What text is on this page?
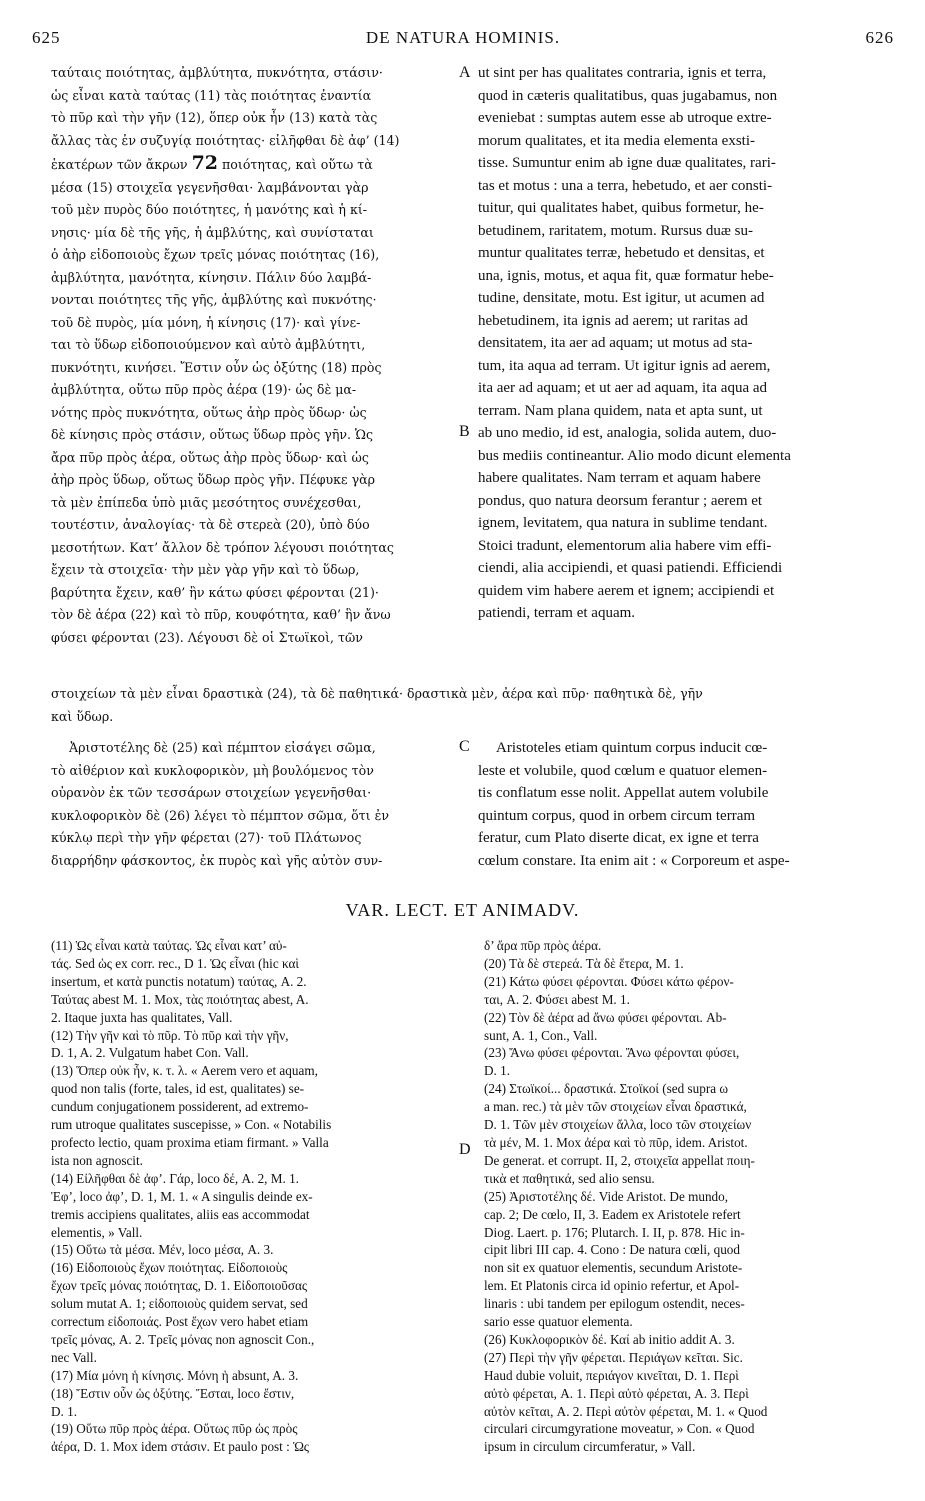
625	DE NATURA HOMINIS.	626
A
B
C
D
ταύταις ποιότητας, ἀμβλύτητα, πυκνότητα, στάσιν·
ὡς εἶναι κατὰ ταύτας (11) τὰς ποιότητας ἐναντία
τὸ πῦρ καὶ τὴν γῆν (12), ὅπερ οὐκ ἦν (13) κατὰ τὰς
ἄλλας τὰς ἐν συζυγίᾳ ποιότητας· εἰλῆφθαι δὲ ἀφ’ (14)
ἑκατέρων τῶν ἄκρων 72 ποιότητας, καὶ οὕτω τὰ
μέσα (15) στοιχεῖα γεγενῆσθαι· λαμβάνονται γὰρ
τοῦ μὲν πυρὸς δύο ποιότητες, ἡ μανότης καὶ ἡ κί-
νησις· μία δὲ τῆς γῆς, ἡ ἀμβλύτης, καὶ συνίσταται
ὁ ἀὴρ εἰδοποιοὺς ἔχων τρεῖς μόνας ποιότητας (16),
ἀμβλύτητα, μανότητα, κίνησιν. Πάλιν δύο λαμβά-
νονται ποιότητες τῆς γῆς, ἀμβλύτης καὶ πυκνότης·
τοῦ δὲ πυρὸς, μία μόνη, ἡ κίνησις (17)· καὶ γίνε-
ται τὸ ὕδωρ εἰδοποιούμενον καὶ αὐτὸ ἀμβλύτητι,
πυκνότητι, κινήσει. Ἔστιν οὖν ὡς ὀξύτης (18) πρὸς
ἀμβλύτητα, οὕτω πῦρ πρὸς ἀέρα (19)· ὡς δὲ μα-
νότης πρὸς πυκνότητα, οὕτως ἀὴρ πρὸς ὕδωρ· ὡς
δὲ κίνησις πρὸς στάσιν, οὕτως ὕδωρ πρὸς γῆν. Ὡς
ἄρα πῦρ πρὸς ἀέρα, οὕτως ἀὴρ πρὸς ὕδωρ· καὶ ὡς
ἀὴρ πρὸς ὕδωρ, οὕτως ὕδωρ πρὸς γῆν. Πέφυκε γὰρ
τὰ μὲν ἐπίπεδα ὑπὸ μιᾶς μεσότητος συνέχεσθαι,
τουτέστιν, ἀναλογίας· τὰ δὲ στερεὰ (20), ὑπὸ δύο
μεσοτήτων. Κατ’ ἄλλον δὲ τρόπον λέγουσι ποιότητας
ἔχειν τὰ στοιχεῖα· τὴν μὲν γὰρ γῆν καὶ τὸ ὕδωρ,
βαρύτητα ἔχειν, καθ’ ἣν κάτω φύσει φέρονται (21)·
τὸν δὲ ἀέρα (22) καὶ τὸ πῦρ, κουφότητα, καθ’ ἣν ἄνω
φύσει φέρονται (23). Λέγουσι δὲ οἱ Στωϊκοὶ, τῶν
ut sint per has qualitates contraria, ignis et terra,
quod in cæteris qualitatibus, quas jugabamus, non
eveniebat : sumptas autem esse ab utroque extre-
morum qualitates, et ita media elementa exsti-
tisse. Sumuntur enim ab igne duæ qualitates, rari-
tas et motus : una a terra, hebetudo, et aer consti-
tuitur, qui qualitates habet, quibus formetur, he-
betudinem, raritatem, motum. Rursus duæ su-
muntur qualitates terræ, hebetudo et densitas, et
una, ignis, motus, et aqua fit, quæ formatur hebe-
tudine, densitate, motu. Est igitur, ut acumen ad
hebetudinem, ita ignis ad aerem; ut raritas ad
densitatem, ita aer ad aquam; ut motus ad sta-
tum, ita aqua ad terram. Ut igitur ignis ad aerem,
ita aer ad aquam; et ut aer ad aquam, ita aqua ad
terram. Nam plana quidem, nata et apta sunt, ut
ab uno medio, id est, analogia, solida autem, duo-
bus mediis contineantur. Alio modo dicunt elementa
habere qualitates. Nam terram et aquam habere
pondus, quo natura deorsum ferantur ; aerem et
ignem, levitatem, qua natura in sublime tendant.
Stoici tradunt, elementorum alia habere vim effi-
ciendi, alia accipiendi, et quasi patiendi. Efficiendi
quidem vim habere aerem et ignem; accipiendi et
patiendi, terram et aquam.
στοιχείων τὰ μὲν εἶναι δραστικὰ (24), τὰ δὲ παθητικά· δραστικὰ μὲν, ἀέρα καὶ πῦρ· παθητικὰ δὲ, γῆν
καὶ ὕδωρ.
Ἀριστοτέλης δὲ (25) καὶ πέμπτον εἰσάγει σῶμα,
τὸ αἰθέριον καὶ κυκλοφορικὸν, μὴ βουλόμενος τὸν
οὐρανὸν ἐκ τῶν τεσσάρων στοιχείων γεγενῆσθαι·
κυκλοφορικὸν δὲ (26) λέγει τὸ πέμπτον σῶμα, ὅτι ἐν
κύκλῳ περὶ τὴν γῆν φέρεται (27)· τοῦ Πλάτωνος
διαρρήδην φάσκοντος, ἐκ πυρὸς καὶ γῆς αὐτὸν συν-
Aristoteles etiam quintum corpus inducit cœ-
leste et volubile, quod cœlum e quatuor elemen-
tis conflatum esse nolit. Appellat autem volubile
quintum corpus, quod in orbem circum terram
feratur, cum Plato diserte dicat, ex igne et terra
cœlum constare. Ita enim ait : « Corporeum et aspe-
VAR. LECT. ET ANIMADV.
(11) Ὡς εἶναι κατὰ ταύτας. Ὡς εἶναι κατ’ αὐ-
τάς. Sed ὡς ex corr. rec., D 1. Ὡς εἶναι (hic καὶ
insertum, et κατὰ punctis notatum) ταύτας, A. 2.
Ταύτας abest M. 1. Mox, τὰς ποιότητας abest, A.
2. Itaque juxta has qualitates, Vall.
(12) Τὴν γῆν καὶ τὸ πῦρ. Τὸ πῦρ καὶ τὴν γῆν,
D. 1, A. 2. Vulgatum habet Con. Vall.
(13) Ὅπερ οὐκ ἦν, κ. τ. λ. « Aerem vero et aquam,
quod non talis (forte, tales, id est, qualitates) se-
cundum conjugationem possiderent, ad extremo-
rum utroque qualitates suscepisse, » Con. « Notabilis
profecto lectio, quam proxima etiam firmant. » Valla
ista non agnoscit.
(14) Εἰλῆφθαι δὲ ἀφ’. Γάρ, loco δέ, A. 2, M. 1.
Ἐφ’, loco ἀφ’, D. 1, M. 1. « A singulis deinde ex-
tremis accipiens qualitates, aliis eas accommodat
elementis, » Vall.
(15) Οὕτω τὰ μέσα. Μέν, loco μέσα, A. 3.
(16) Εἰδοποιοὺς ἔχων ποιότητας. Εἰδοποιοὺς
ἔχων τρεῖς μόνας ποιότητας, D. 1. Εἰδοποιοῦσας
solum mutat A. 1; εἰδοποιοὺς quidem servat, sed
correctum εἰδοποιάς. Post ἔχων vero habet etiam
τρεῖς μόνας, A. 2. Τρεῖς μόνας non agnoscit Con.,
nec Vall.
(17) Μία μόνη ἡ κίνησις. Μόνη ἡ absunt, A. 3.
(18) Ἔστιν οὖν ὡς ὀξύτης. Ἔσται, loco ἔστιν,
D. 1.
(19) Οὕτω πῦρ πρὸς ἀέρα. Οὕτως πῦρ ὡς πρὸς
ἀέρα, D. 1. Mox idem στάσιν. Et paulo post : Ὡς
δ’ ἄρα πῦρ πρὸς ἀέρα.
(20) Τὰ δὲ στερεά. Τὰ δὲ ἕτερα, M. 1.
(21) Κάτω φύσει φέρονται. Φύσει κάτω φέρον-
ται, A. 2. Φύσει abest M. 1.
(22) Τὸν δὲ ἀέρα ad ἄνω φύσει φέρονται. Ab-
sunt, A. 1, Con., Vall.
(23) Ἄνω φύσει φέρονται. Ἄνω φέρονται φύσει,
D. 1.
(24) Στωϊκοί... δραστικά. Στοϊκοί (sed supra ω
a man. rec.) τὰ μὲν τῶν στοιχείων εἶναι δραστικά,
D. 1. Τῶν μὲν στοιχείων ἄλλα, loco τῶν στοιχείων
τὰ μέν, M. 1. Mox ἀέρα καὶ τὸ πῦρ, idem. Aristot.
De generat. et corrupt. II, 2, στοιχεῖα appellat ποιη-
τικὰ et παθητικά, sed alio sensu.
(25) Ἀριστοτέλης δέ. Vide Aristot. De mundo,
cap. 2; De cœlo, II, 3. Eadem ex Aristotele refert
Diog. Laert. p. 176; Plutarch. I. II, p. 878. Hic in-
cipit libri III cap. 4. Cono : De natura cœli, quod
non sit ex quatuor elementis, secundum Aristote-
lem. Et Platonis circa id opinio refertur, et Apol-
linaris : ubi tandem per epilogum ostendit, neces-
sario esse quatuor elementa.
(26) Κυκλοφορικὸν δέ. Καί ab initio addit A. 3.
(27) Περὶ τὴν γῆν φέρεται. Περιάγων κεῖται. Sic.
Haud dubie voluit, περιάγον κινεῖται, D. 1. Περὶ
αὐτὸ φέρεται, A. 1. Περὶ αὐτὸ φέρεται, A. 3. Περὶ
αὐτὸν κεῖται, A. 2. Περὶ αὐτὸν φέρεται, M. 1. « Quod
circulari circumgyratione moveatur, » Con. « Quod
ipsum in circulum circumferatur, » Vall.
